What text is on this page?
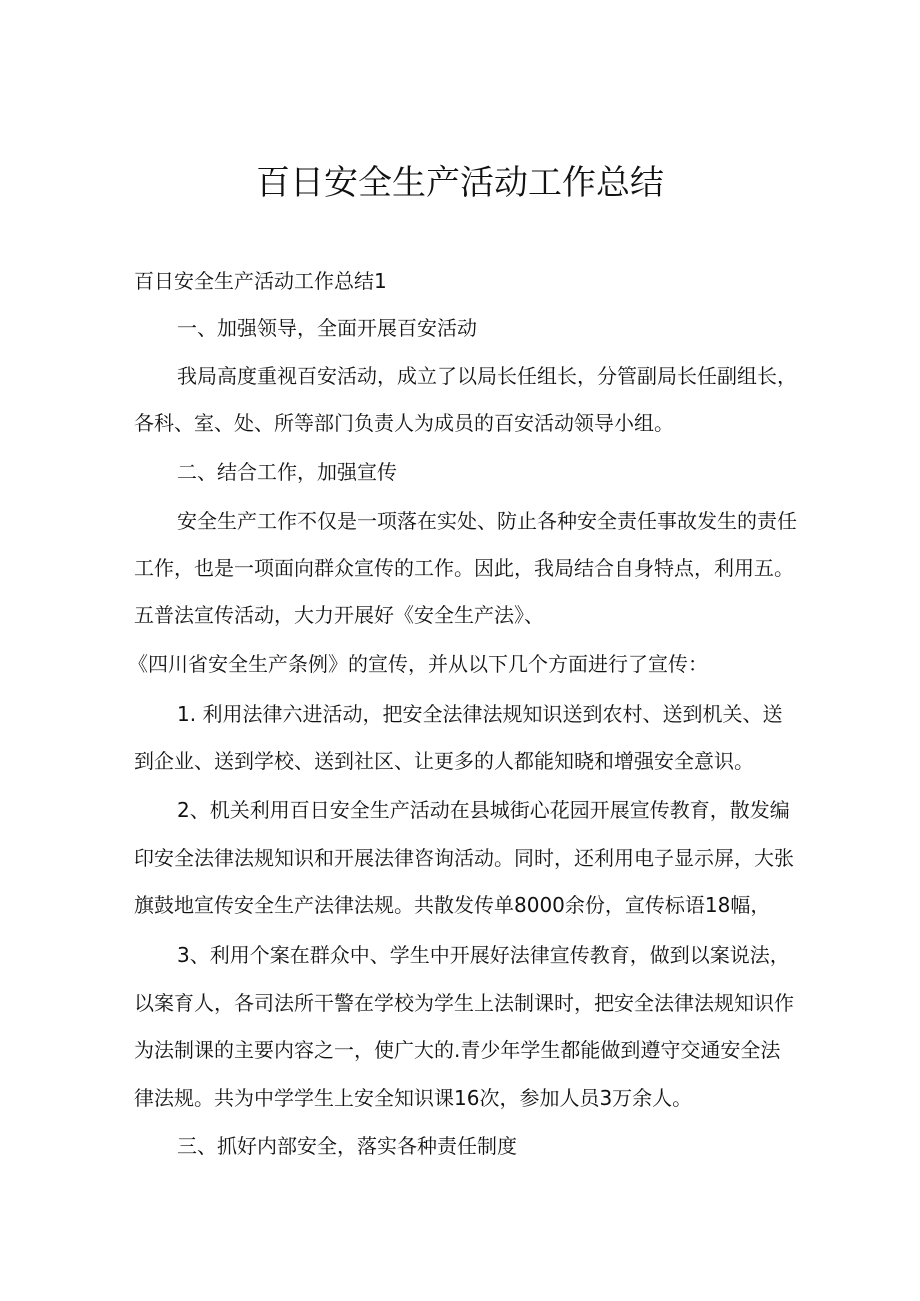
百日安全生产活动工作总结

百日安全生产活动工作总结1

一、加强领导，全面开展百安活动

我局高度重视百安活动，成立了以局长任组长，分管副局长任副组长，

各科、室、处、所等部门负责人为成员的百安活动领导小组。

二、结合工作，加强宣传

安全生产工作不仅是一项落在实处、防止各种安全责任事故发生的责任

工作，也是一项面向群众宣传的工作。因此，我局结合自身特点，利用五。

五普法宣传活动，大力开展好《安全生产法》、

《四川省安全生产条例》的宣传，并从以下几个方面进行了宣传：

1. 利用法律六进活动，把安全法律法规知识送到农村、送到机关、送

到企业、送到学校、送到社区、让更多的人都能知晓和增强安全意识。

2、机关利用百日安全生产活动在县城街心花园开展宣传教育，散发编

印安全法律法规知识和开展法律咨询活动。同时，还利用电子显示屏，大张

旗鼓地宣传安全生产法律法规。共散发传单8000余份，宣传标语18幅，

3、利用个案在群众中、学生中开展好法律宣传教育，做到以案说法，

以案育人，各司法所干警在学校为学生上法制课时，把安全法律法规知识作

为法制课的主要内容之一，使广大的.青少年学生都能做到遵守交通安全法

律法规。共为中学学生上安全知识课16次，参加人员3万余人。

三、抓好内部安全，落实各种责任制度
